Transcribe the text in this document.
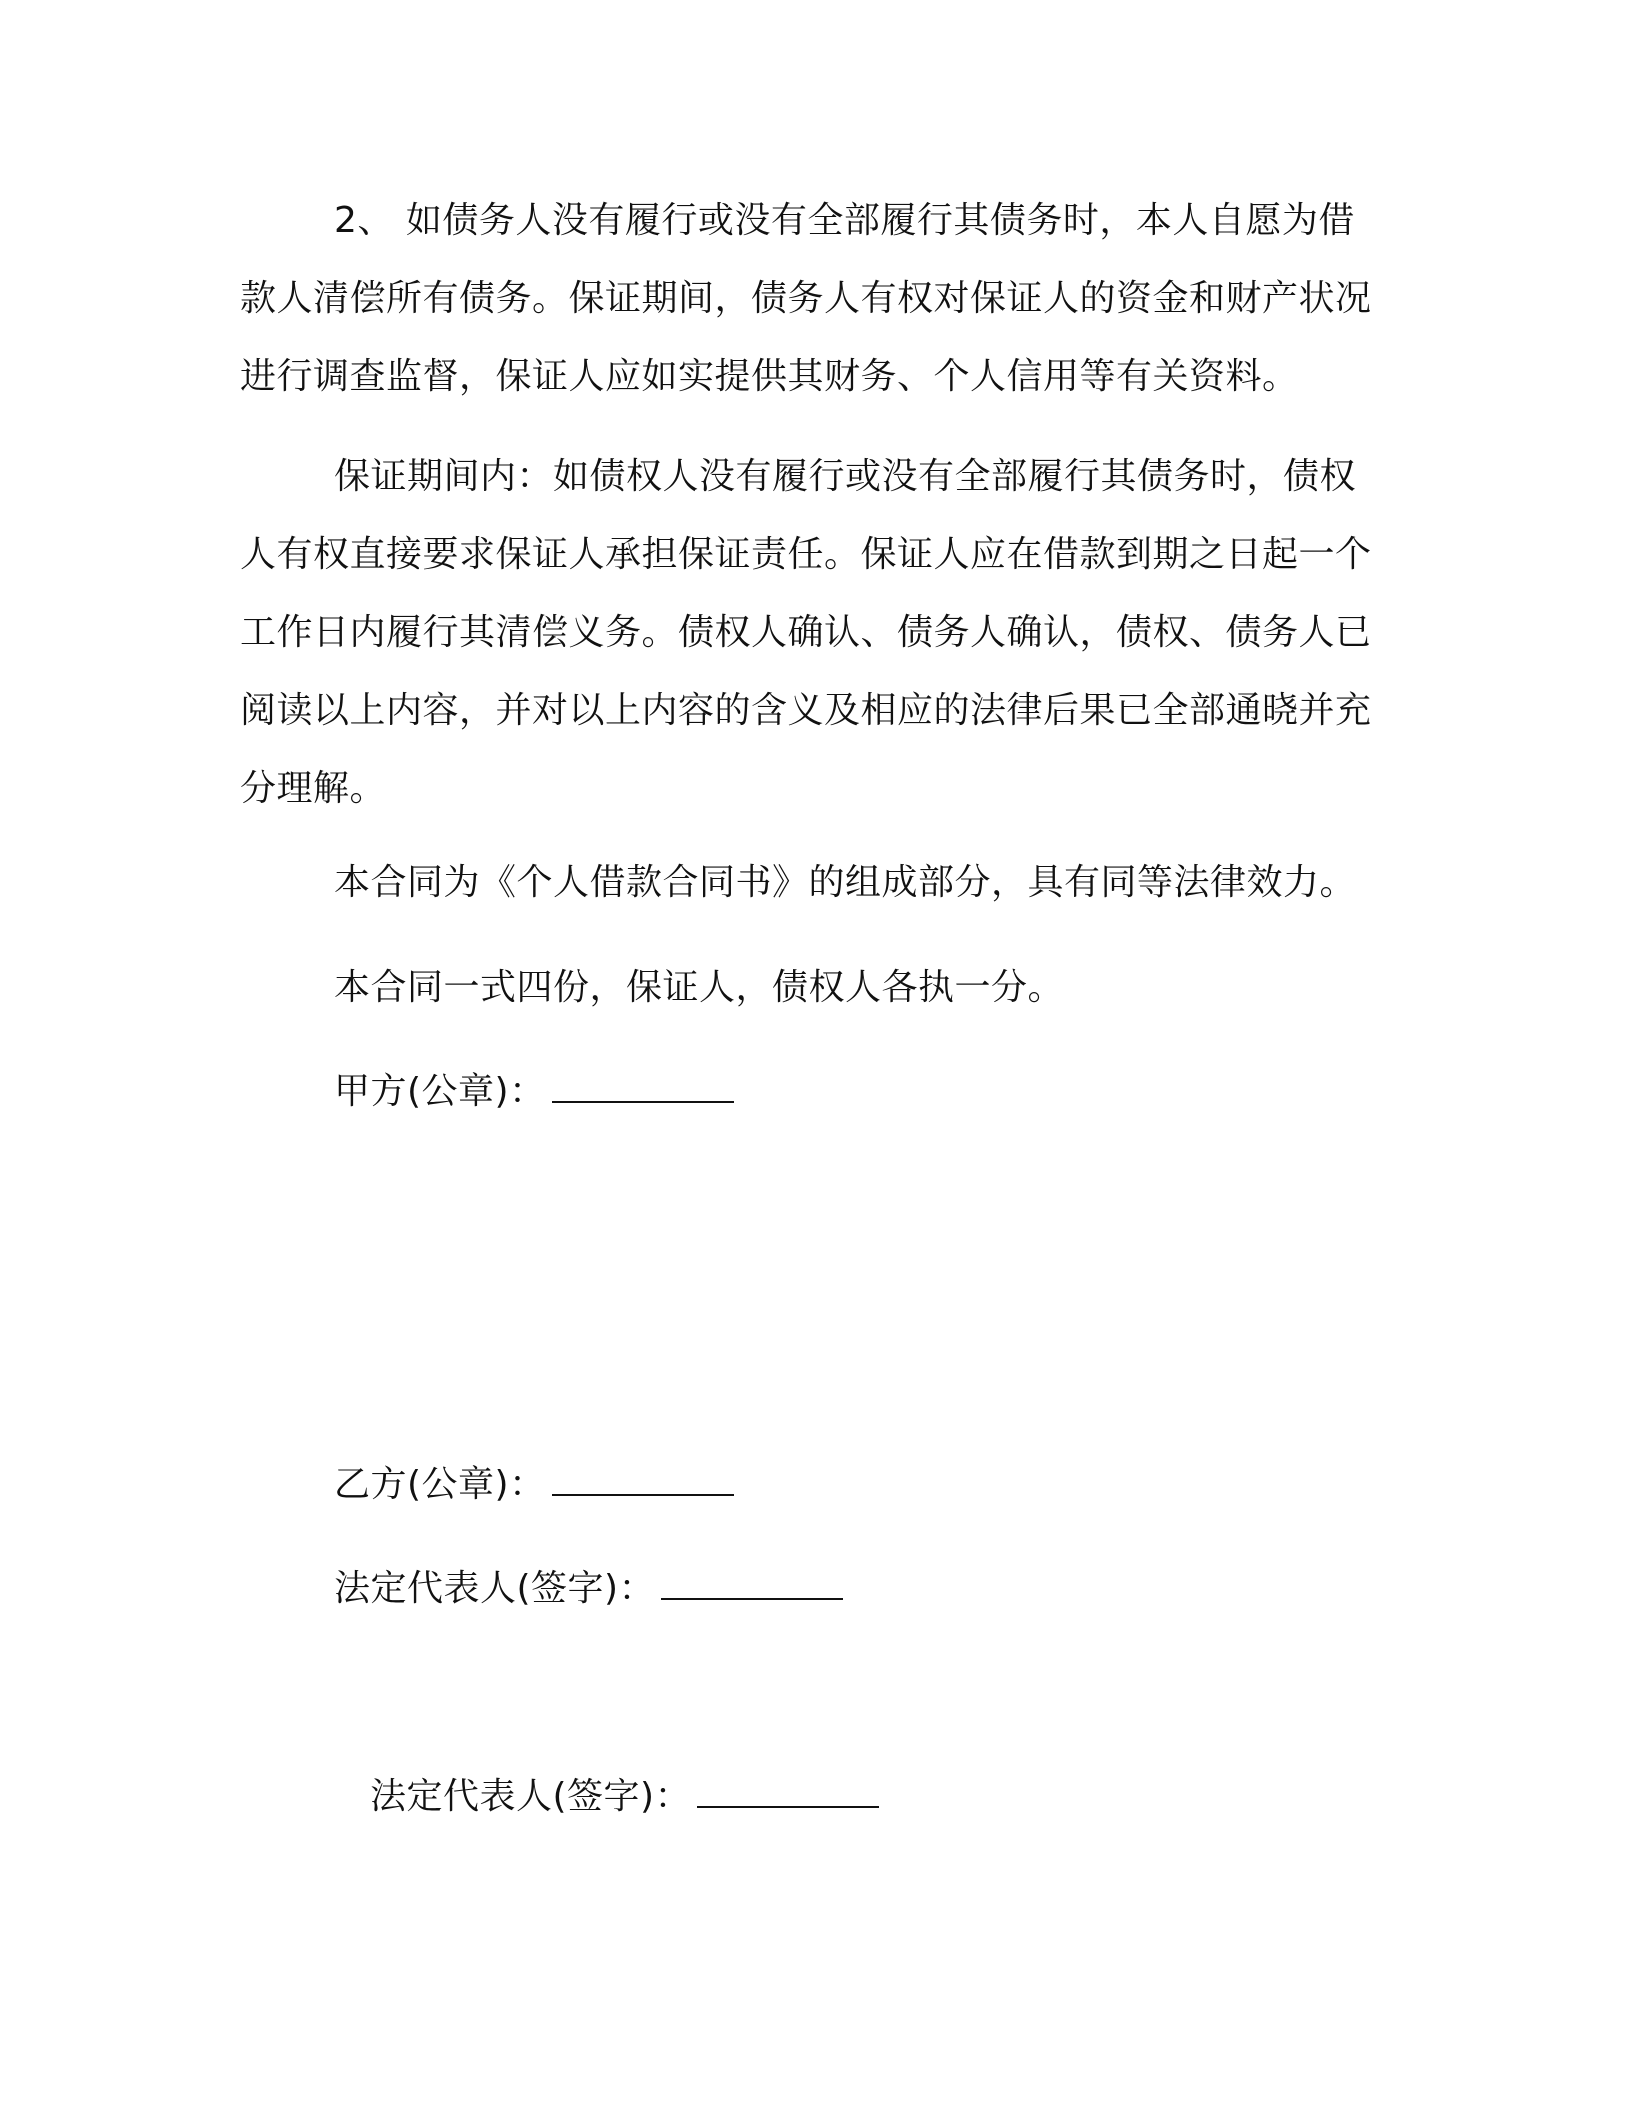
2、 如债务人没有履行或没有全部履行其债务时，本人自愿为借款人清偿所有债务。保证期间，债务人有权对保证人的资金和财产状况进行调查监督，保证人应如实提供其财务、个人信用等有关资料。

保证期间内：如债权人没有履行或没有全部履行其债务时，债权人有权直接要求保证人承担保证责任。保证人应在借款到期之日起一个工作日内履行其清偿义务。债权人确认、债务人确认，债权、债务人已阅读以上内容，并对以上内容的含义及相应的法律后果已全部通晓并充分理解。

本合同为《个人借款合同书》的组成部分，具有同等法律效力。

本合同一式四份，保证人，债权人各执一分。

甲方(公章)：
乙方(公章)：
法定代表人(签字)：
法定代表人(签字)：
